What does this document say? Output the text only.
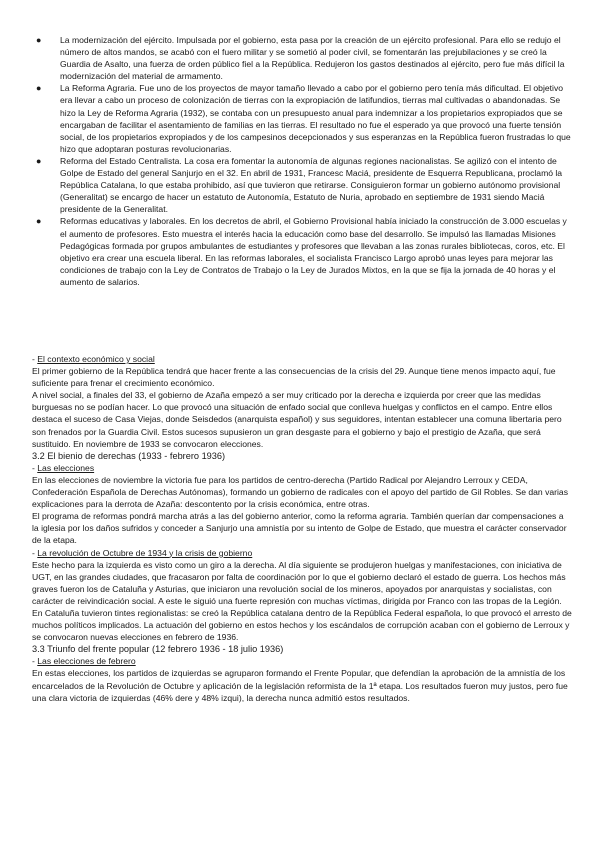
● La modernización del ejército. Impulsada por el gobierno, esta pasa por la creación de un ejército profesional. Para ello se redujo el número de altos mandos, se acabó con el fuero militar y se sometió al poder civil, se fomentarán las prejubilaciones y se creó la Guardia de Asalto, una fuerza de orden público fiel a la República. Redujeron los gastos destinados al ejército, pero fue más difícil la modernización del material de armamento.
● La Reforma Agraria. Fue uno de los proyectos de mayor tamaño llevado a cabo por el gobierno pero tenía más dificultad. El objetivo era llevar a cabo un proceso de colonización de tierras con la expropiación de latifundios, tierras mal cultivadas o abandonadas. Se hizo la Ley de Reforma Agraria (1932), se contaba con un presupuesto anual para indemnizar a los propietarios expropiados que se encargaban de facilitar el asentamiento de familias en las tierras. El resultado no fue el esperado ya que provocó una fuerte tensión social, de los propietarios expropiados y de los campesinos decepcionados y sus esperanzas en la República fueron frustradas lo que hizo que adoptaran posturas revolucionarias.
● Reforma del Estado Centralista. La cosa era fomentar la autonomía de algunas regiones nacionalistas. Se agilizó con el intento de Golpe de Estado del general Sanjurjo en el 32. En abril de 1931, Francesc Maciá, presidente de Esquerra Republicana, proclamó la República Catalana, lo que estaba prohibido, así que tuvieron que retirarse. Consiguieron formar un gobierno autónomo provisional (Generalitat) se encargo de hacer un estatuto de Autonomía, Estatuto de Nuria, aprobado en septiembre de 1931 siendo Maciá presidente de la Generalitat.
● Reformas educativas y laborales. En los decretos de abril, el Gobierno Provisional había iniciado la construcción de 3.000 escuelas y el aumento de profesores. Esto muestra el interés hacia la educación como base del desarrollo. Se impulsó las llamadas Misiones Pedagógicas formada por grupos ambulantes de estudiantes y profesores que llevaban a las zonas rurales bibliotecas, coros, etc. El objetivo era crear una escuela liberal. En las reformas laborales, el socialista Francisco Largo aprobó unas leyes para mejorar las condiciones de trabajo con la Ley de Contratos de Trabajo o la Ley de Jurados Mixtos, en la que se fija la jornada de 40 horas y el aumento de salarios.

- El contexto económico y social

El primer gobierno de la República tendrá que hacer frente a las consecuencias de la crisis del 29. Aunque tiene menos impacto aquí, fue suficiente para frenar el crecimiento económico.

A nivel social, a finales del 33, el gobierno de Azaña empezó a ser muy criticado por la derecha e izquierda por creer que las medidas burguesas no se podían hacer. Lo que provocó una situación de enfado social que conlleva huelgas y conflictos en el campo. Entre ellos destaca el suceso de Casa Viejas, donde Seisdedos (anarquista español) y sus seguidores, intentan establecer una comuna libertaria pero son frenados por la Guardia Civil. Estos sucesos supusieron un gran desgaste para el gobierno y bajo el prestigio de Azaña, que será sustituido. En noviembre de 1933 se convocaron elecciones.

3.2 El bienio de derechas (1933 - febrero 1936)

- Las elecciones

En las elecciones de noviembre la victoria fue para los partidos de centro-derecha (Partido Radical por Alejandro Lerroux y CEDA, Confederación Española de Derechas Autónomas), formando un gobierno de radicales con el apoyo del partido de Gil Robles. Se dan varias explicaciones para la derrota de Azaña: descontento por la crisis económica, entre otras.

El programa de reformas pondrá marcha atrás a las del gobierno anterior, como la reforma agraria. También querían dar compensaciones a la iglesia por los daños sufridos y conceder a Sanjurjo una amnistía por su intento de Golpe de Estado, que muestra el carácter conservador de la etapa.

- La revolución de Octubre de 1934 y la crisis de gobierno

Este hecho para la izquierda es visto como un giro a la derecha. Al día siguiente se produjeron huelgas y manifestaciones, con iniciativa de UGT, en las grandes ciudades, que fracasaron por falta de coordinación por lo que el gobierno declaró el estado de guerra. Los hechos más graves fueron los de Cataluña y Asturias, que iniciaron una revolución social de los mineros, apoyados por anarquistas y socialistas, con carácter de reivindicación social. A este le siguió una fuerte represión con muchas víctimas, dirigida por Franco con las tropas de la Legión. En Cataluña tuvieron tintes regionalistas: se creó la República catalana dentro de la República Federal española, lo que provocó el arresto de muchos políticos implicados. La actuación del gobierno en estos hechos y los escándalos de corrupción acaban con el gobierno de Lerroux y se convocaron nuevas elecciones en febrero de 1936.

3.3 Triunfo del frente popular (12 febrero 1936 - 18 julio 1936)

- Las elecciones de febrero

En estas elecciones, los partidos de izquierdas se agruparon formando el Frente Popular, que defendían la aprobación de la amnistía de los encarcelados de la Revolución de Octubre y aplicación de la legislación reformista de la 1ª etapa. Los resultados fueron muy justos, pero fue una clara victoria de izquierdas (46% dere y 48% izqui), la derecha nunca admitió estos resultados.
